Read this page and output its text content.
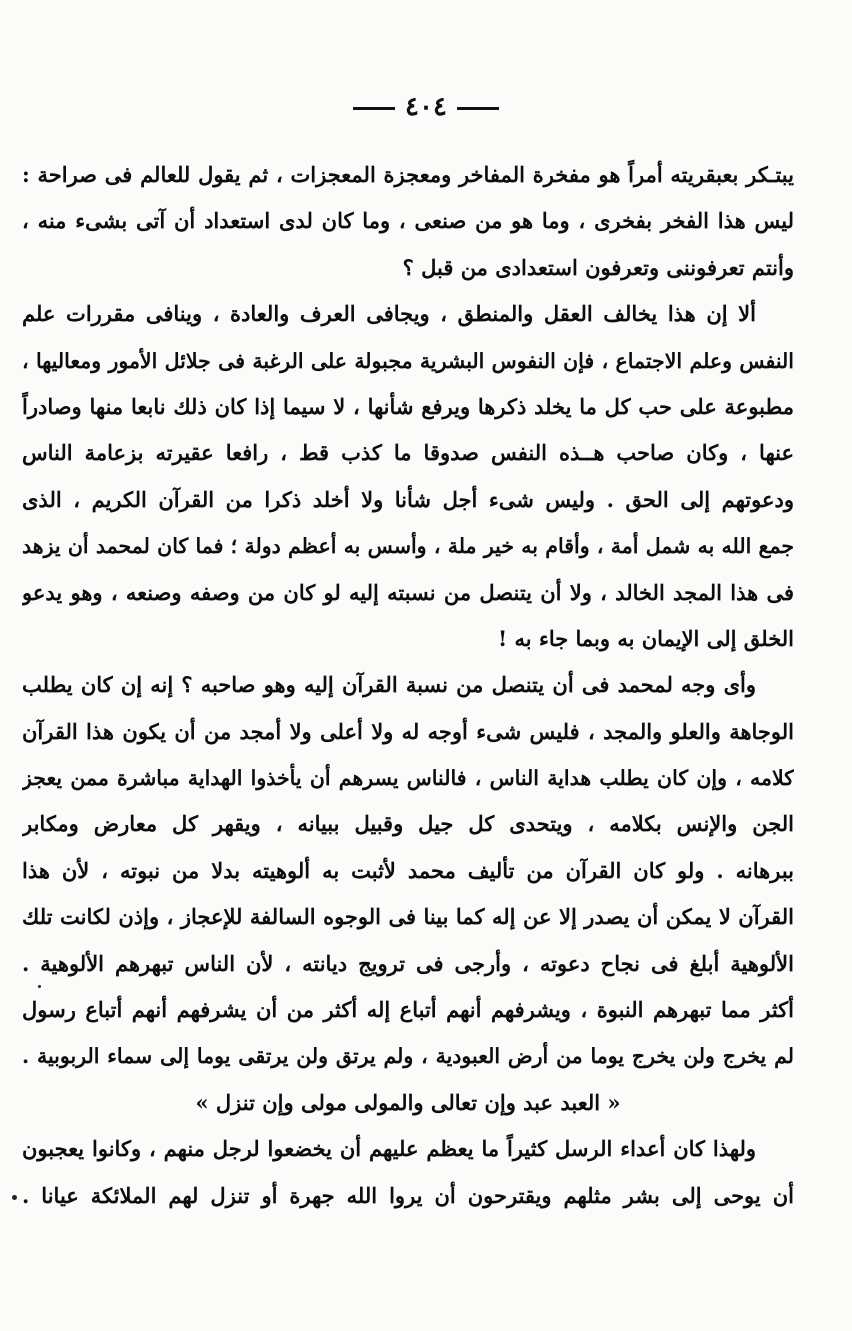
٤٠٤
يبتـكر بعبقريته أمراً هو مفخرة المفاخر ومعجزة المعجزات ، ثم يقول للعالم فى صراحة :
ليس هذا الفخر بفخرى ، وما هو من صنعى ، وما كان لدى استعداد أن آتى بشىء منه ،
وأنتم تعرفوننى وتعرفون استعدادى من قبل ؟
ألا إن هذا يخالف العقل والمنطق ، ويجافى العرف والعادة ، وينافى مقررات علم
النفس وعلم الاجتماع ، فإن النفوس البشرية مجبولة على الرغبة فى جلائل الأمور ومعاليها ،
مطبوعة على حب كل ما يخلد ذكرها ويرفع شأنها ، لا سيما إذا كان ذلك نابعا منها وصادراً
عنها ، وكان صاحب هــذه النفس صدوقا ما كذب قط ، رافعا عقيرته بزعامة الناس
ودعوتهم إلى الحق . وليس شىء أجل شأنا ولا أخلد ذكرا من القرآن الكريم ، الذى
جمع الله به شمل أمة ، وأقام به خير ملة ، وأسس به أعظم دولة ؛ فما كان لمحمد أن يزهد
فى هذا المجد الخالد ، ولا أن يتنصل من نسبته إليه لو كان من وصفه وصنعه ، وهو يدعو
الخلق إلى الإيمان به وبما جاء به !
وأى وجه لمحمد فى أن يتنصل من نسبة القرآن إليه وهو صاحبه ؟ إنه إن كان يطلب
الوجاهة والعلو والمجد ، فليس شىء أوجه له ولا أعلى ولا أمجد من أن يكون هذا القرآن
كلامه ، وإن كان يطلب هداية الناس ، فالناس يسرهم أن يأخذوا الهداية مباشرة ممن يعجز
الجن والإنس بكلامه ، ويتحدى كل جيل وقبيل ببيانه ، ويقهر كل معارض ومكابر
ببرهانه . ولو كان القرآن من تأليف محمد لأثبت به ألوهيته بدلا من نبوته ، لأن هذا
القرآن لا يمكن أن يصدر إلا عن إله كما بينا فى الوجوه السالفة للإعجاز ، وإذن لكانت تلك
الألوهية أبلغ فى نجاح دعوته ، وأرجى فى ترويج ديانته ، لأن الناس تبهرهم الألوهية .
أكثر مما تبهرهم النبوة ، ويشرفهم أنهم أتباع إله أكثر من أن يشرفهم أنهم أتباع رسول
لم يخرج ولن يخرج يوما من أرض العبودية ، ولم يرتق ولن يرتقى يوما إلى سماء الربوبية .
« العبد عبد وإن تعالى والمولى مولى وإن تنزل »
ولهذا كان أعداء الرسل كثيراً ما يعظم عليهم أن يخضعوا لرجل منهم ، وكانوا يعجبون
أن يوحى إلى بشر مثلهم ويقترحون أن يروا الله جهرة أو تنزل لهم الملائكة عيانا .
